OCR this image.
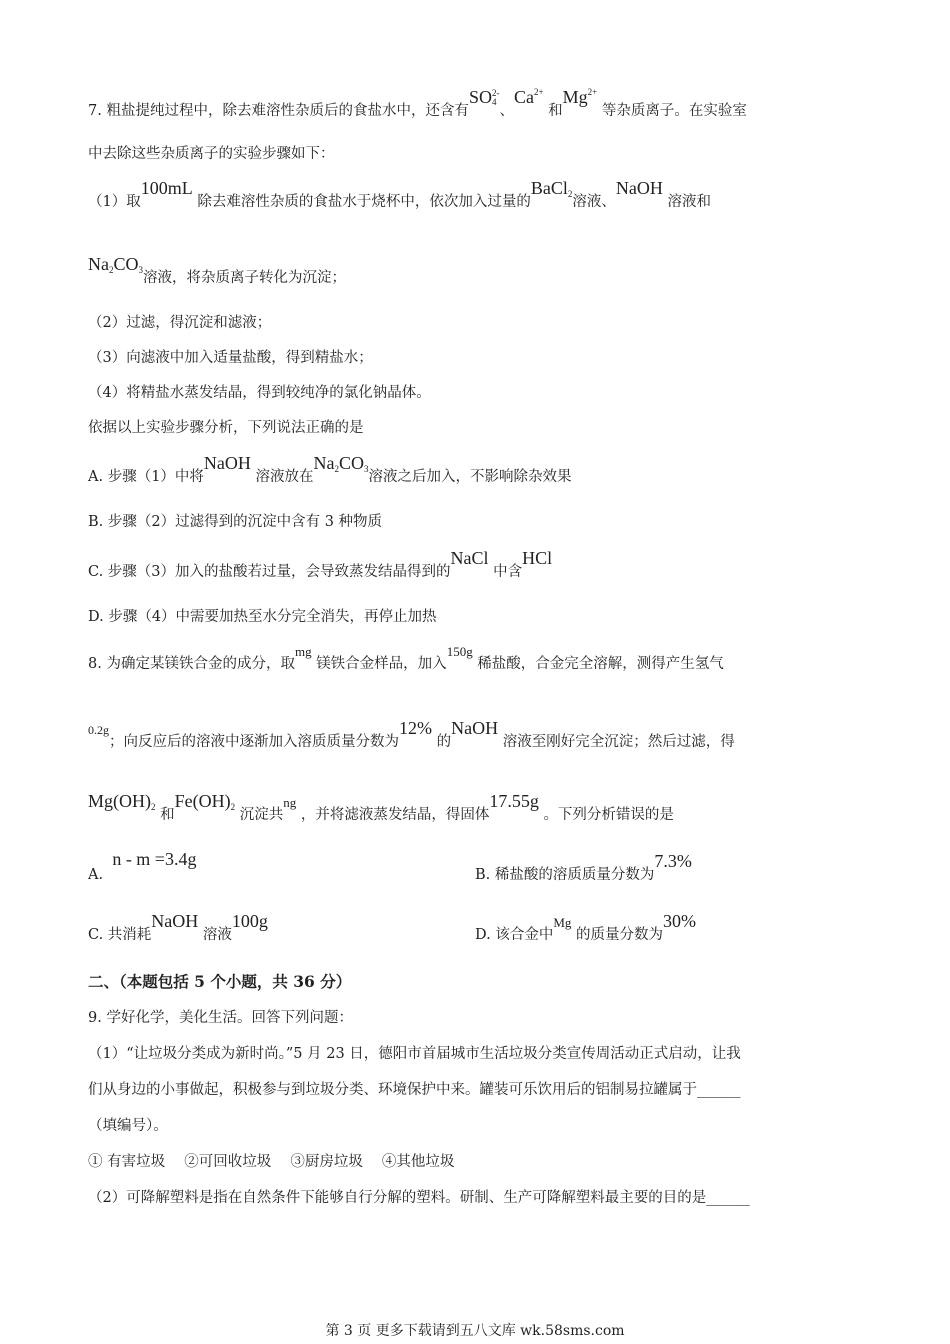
7. 粗盐提纯过程中，除去难溶性杂质后的食盐水中，还含有SO 2-
4
、$Ca^{2+}$ 和$Mg^{2+}$ 等杂质离子。在实验室
中去除这些杂质离子的实验步骤如下：
（1）取100mL 除去难溶性杂质的食盐水于烧杯中，依次加入过量的BaCl$_2$溶液、NaOH 溶液和
$Na_2CO_3$溶液，将杂质离子转化为沉淀；
（2）过滤，得沉淀和滤液；
（3）向滤液中加入适量盐酸，得到精盐水；
（4）将精盐水蒸发结晶，得到较纯净的氯化钠晶体。
依据以上实验步骤分析，下列说法正确的是
A. 步骤（1）中将NaOH 溶液放在$Na_2CO_3$溶液之后加入，不影响除杂效果
B. 步骤（2）过滤得到的沉淀中含有 3 种物质
C. 步骤（3）加入的盐酸若过量，会导致蒸发结晶得到的NaCl 中含HCl
D. 步骤（4）中需要加热至水分完全消失，再停止加热
8. 为确定某镁铁合金的成分，取mg 镁铁合金样品，加入150g 稀盐酸，合金完全溶解，测得产生氢气
$^{0.2g}$；向反应后的溶液中逐渐加入溶质质量分数为12% 的NaOH 溶液至刚好完全沉淀；然后过滤，得
$Mg(OH)_2$ 和$Fe(OH)_2$ 沉淀共ng ，并将滤液蒸发结晶，得固体17.55g 。下列分析错误的是
A.  n - m =3.4g
B. 稀盐酸的溶质质量分数为7.3%
C. 共消耗NaOH 溶液100g
D. 该合金中Mg 的质量分数为30%
二、（本题包括 5 个小题，共 36 分）
9. 学好化学，美化生活。回答下列问题：
（1）“让垃圾分类成为新时尚。”5 月 23 日，德阳市首届城市生活垃圾分类宣传周活动正式启动，让我
们从身边的小事做起，积极参与到垃圾分类、环境保护中来。罐装可乐饮用后的铝制易拉罐属于______
（填编号）。
① 有害垃圾　 ②可回收垃圾　 ③厨房垃圾　 ④其他垃圾
（2）可降解塑料是指在自然条件下能够自行分解的塑料。研制、生产可降解塑料最主要的目的是______
第 3 页 更多下载请到五八文库 wk.58sms.com
